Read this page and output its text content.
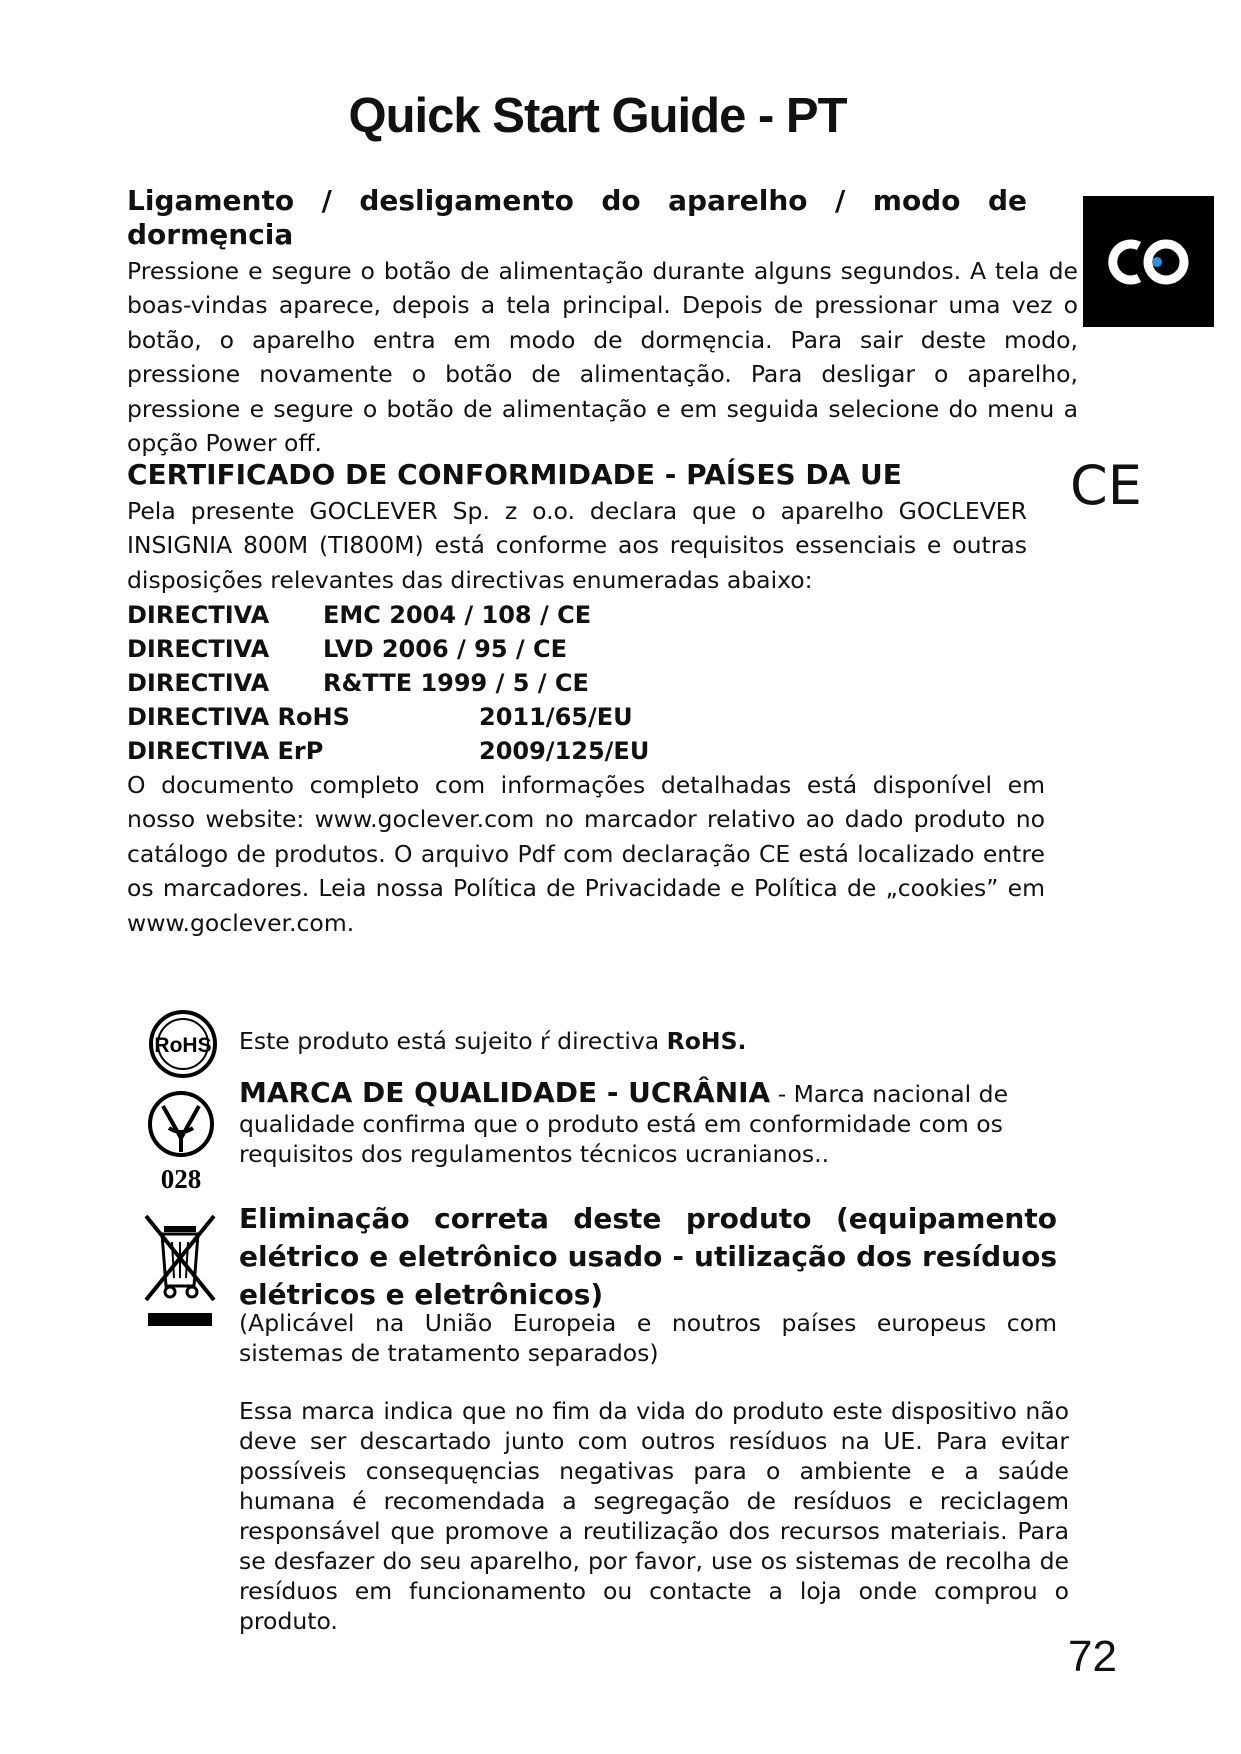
Quick Start Guide - PT
Ligamento / desligamento do aparelho / modo de dormęncia
Pressione e segure o botão de alimentação durante alguns segundos. A tela de boas-vindas aparece, depois a tela principal. Depois de pressionar uma vez o botão, o aparelho entra em modo de dormęncia. Para sair deste modo, pressione novamente o botão de alimentação. Para desligar o aparelho, pressione e segure o botão de alimentação e em seguida selecione do menu a opção Power off.
CERTIFICADO DE CONFORMIDADE - PAÍSES DA UE	CE
Pela presente GOCLEVER Sp. z o.o. declara que o aparelho GOCLEVER INSIGNIA 800M (TI800M) está conforme aos requisitos essenciais e outras disposições relevantes das directivas enumeradas abaixo:
DIRECTIVA EMC 2004 / 108 / CE
DIRECTIVA LVD 2006 / 95 / CE
DIRECTIVA R&TTE 1999 / 5 / CE
DIRECTIVA RoHS	2011/65/EU
DIRECTIVA ErP	2009/125/EU
O documento completo com informações detalhadas está disponível em nosso website: www.goclever.com no marcador relativo ao dado produto no catálogo de produtos. O arquivo Pdf com declaração CE está localizado entre os marcadores. Leia nossa Política de Privacidade e Política de „cookies” em www.goclever.com.
RoHS
028
Este produto está sujeito ŕ directiva RoHS.
MARCA DE QUALIDADE - UCRÂNIA - Marca nacional de qualidade confirma que o produto está em conformidade com os requisitos dos regulamentos técnicos ucranianos..
Eliminação correta deste produto (equipamento elétrico e eletrônico usado - utilização dos resíduos elétricos e eletrônicos)
(Aplicável na União Europeia e noutros países europeus com sistemas de tratamento separados)
Essa marca indica que no fim da vida do produto este dispositivo não deve ser descartado junto com outros resíduos na UE. Para evitar possíveis consequęncias negativas para o ambiente e a saúde humana é recomendada a segregação de resíduos e reciclagem responsável que promove a reutilização dos recursos materiais. Para se desfazer do seu aparelho, por favor, use os sistemas de recolha de resíduos em funcionamento ou contacte a loja onde comprou o produto.
72
